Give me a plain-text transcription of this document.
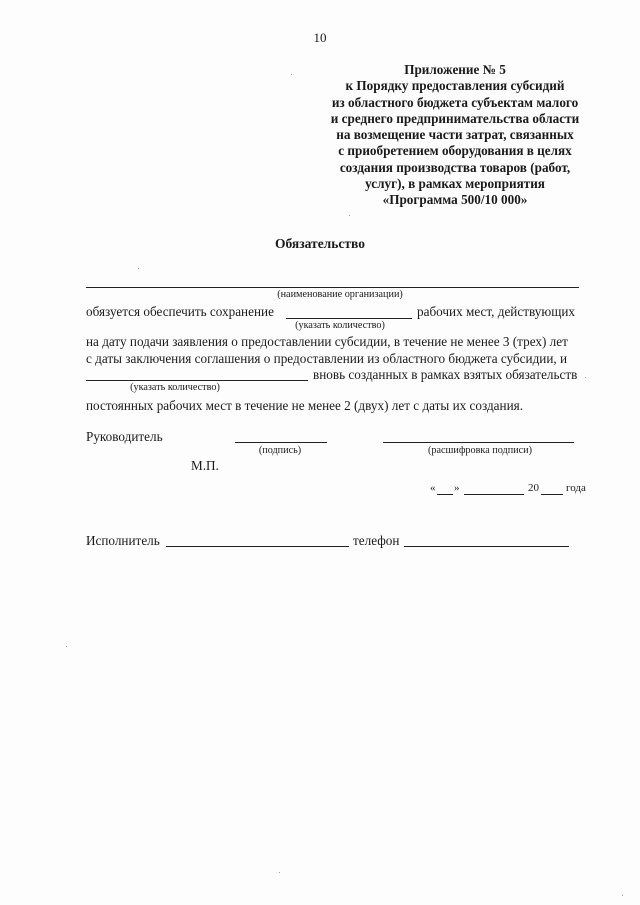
10
Приложение № 5
к Порядку предоставления субсидий
из областного бюджета субъектам малого
и среднего предпринимательства области
на возмещение части затрат, связанных
с приобретением оборудования в целях
создания производства товаров (работ,
услуг), в рамках мероприятия
«Программа 500/10 000»
Обязательство
(наименование организации)
обязуется обеспечить сохранение	рабочих мест, действующих
(указать количество)
на дату подачи заявления о предоставлении субсидии, в течение не менее 3 (трех) лет
с даты заключения соглашения о предоставлении из областного бюджета субсидии, и
вновь созданных в рамках взятых обязательств
(указать количество)
постоянных рабочих мест в течение не менее 2 (двух) лет с даты их создания.
Руководитель
(подпись)	(расшифровка подписи)
М.П.
« »	20 года
Исполнитель	телефон
